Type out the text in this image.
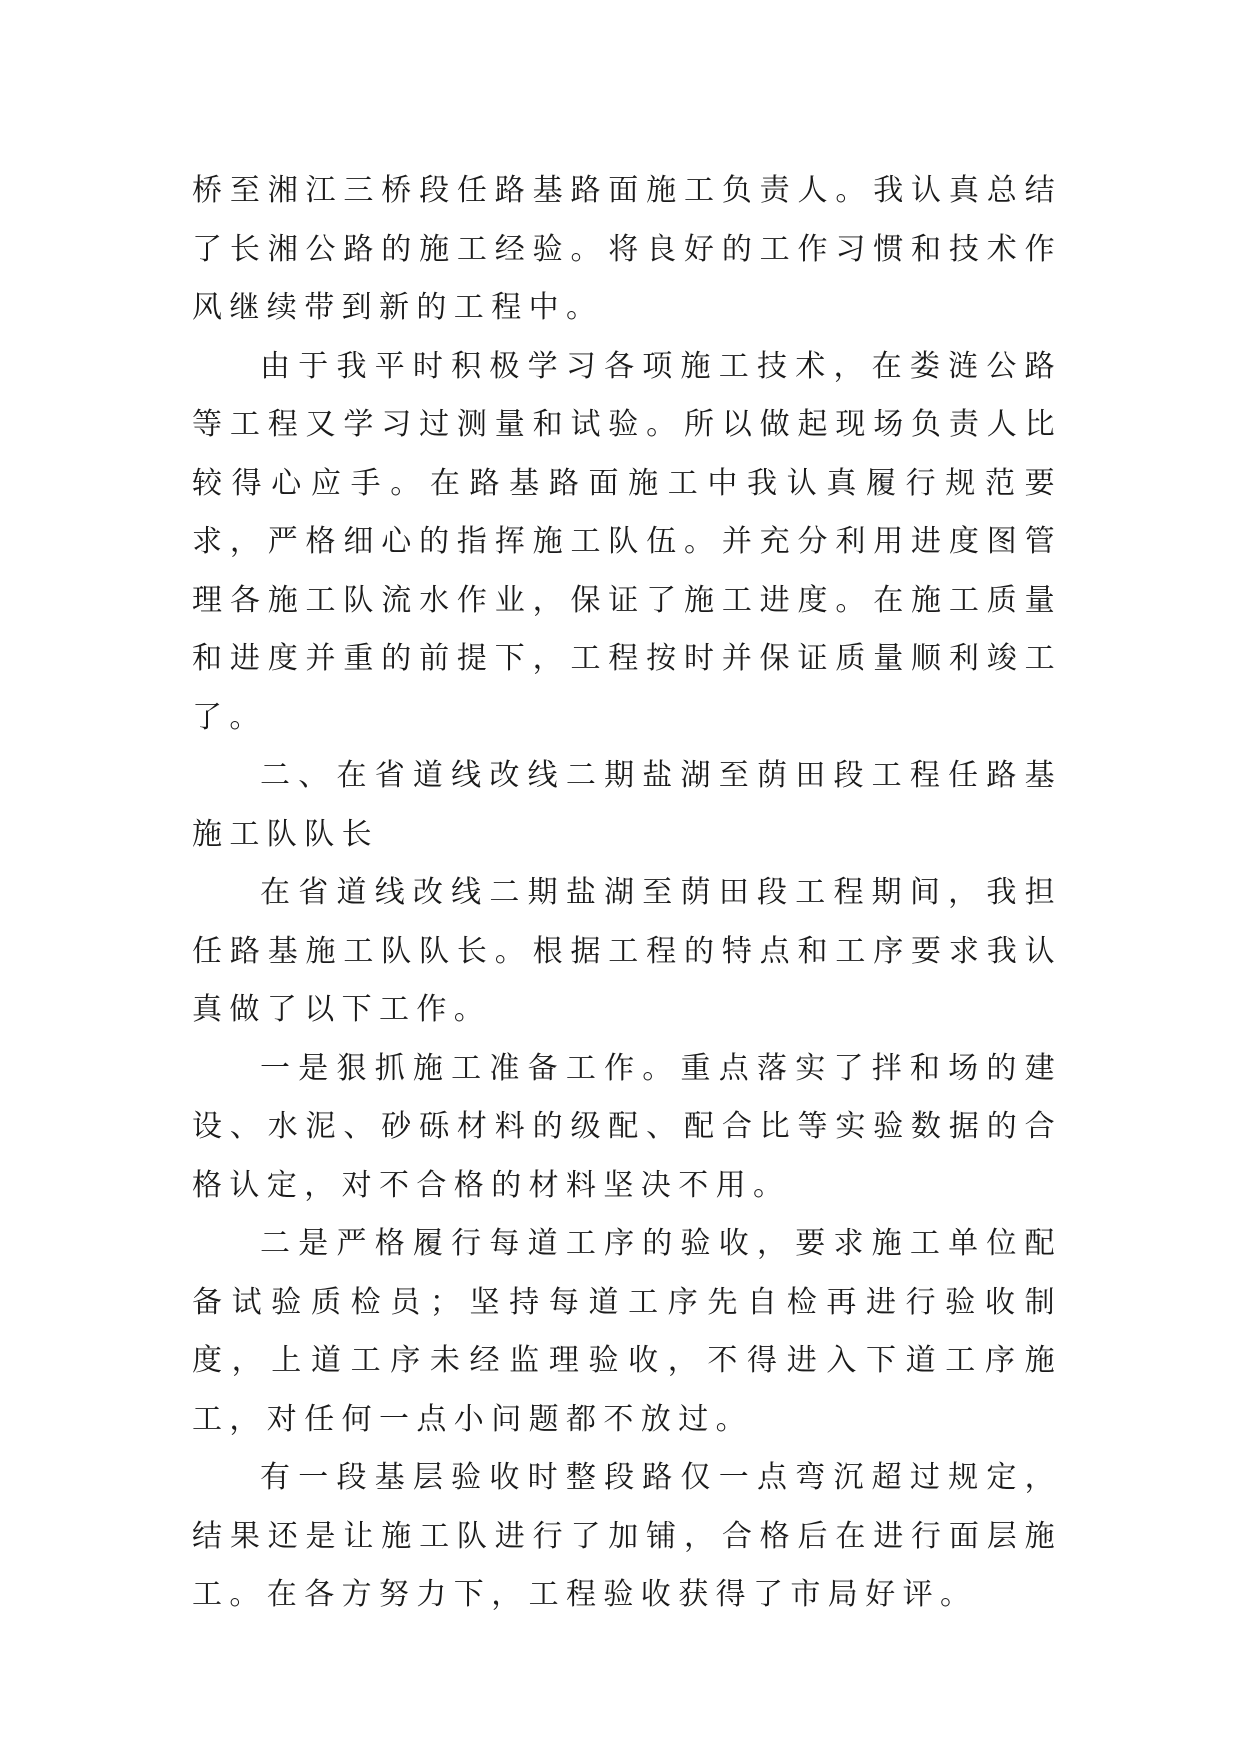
桥至湘江三桥段任路基路面施工负责人。我认真总结了长湘公路的施工经验。将良好的工作习惯和技术作风继续带到新的工程中。

由于我平时积极学习各项施工技术，在娄涟公路等工程又学习过测量和试验。所以做起现场负责人比较得心应手。在路基路面施工中我认真履行规范要求，严格细心的指挥施工队伍。并充分利用进度图管理各施工队流水作业，保证了施工进度。在施工质量和进度并重的前提下，工程按时并保证质量顺利竣工了。

二、在省道线改线二期盐湖至荫田段工程任路基施工队队长

在省道线改线二期盐湖至荫田段工程期间，我担任路基施工队队长。根据工程的特点和工序要求我认真做了以下工作。

一是狠抓施工准备工作。重点落实了拌和场的建设、水泥、砂砾材料的级配、配合比等实验数据的合格认定，对不合格的材料坚决不用。

二是严格履行每道工序的验收，要求施工单位配备试验质检员；坚持每道工序先自检再进行验收制度，上道工序未经监理验收，不得进入下道工序施工，对任何一点小问题都不放过。

有一段基层验收时整段路仅一点弯沉超过规定，结果还是让施工队进行了加铺，合格后在进行面层施工。在各方努力下，工程验收获得了市局好评。
